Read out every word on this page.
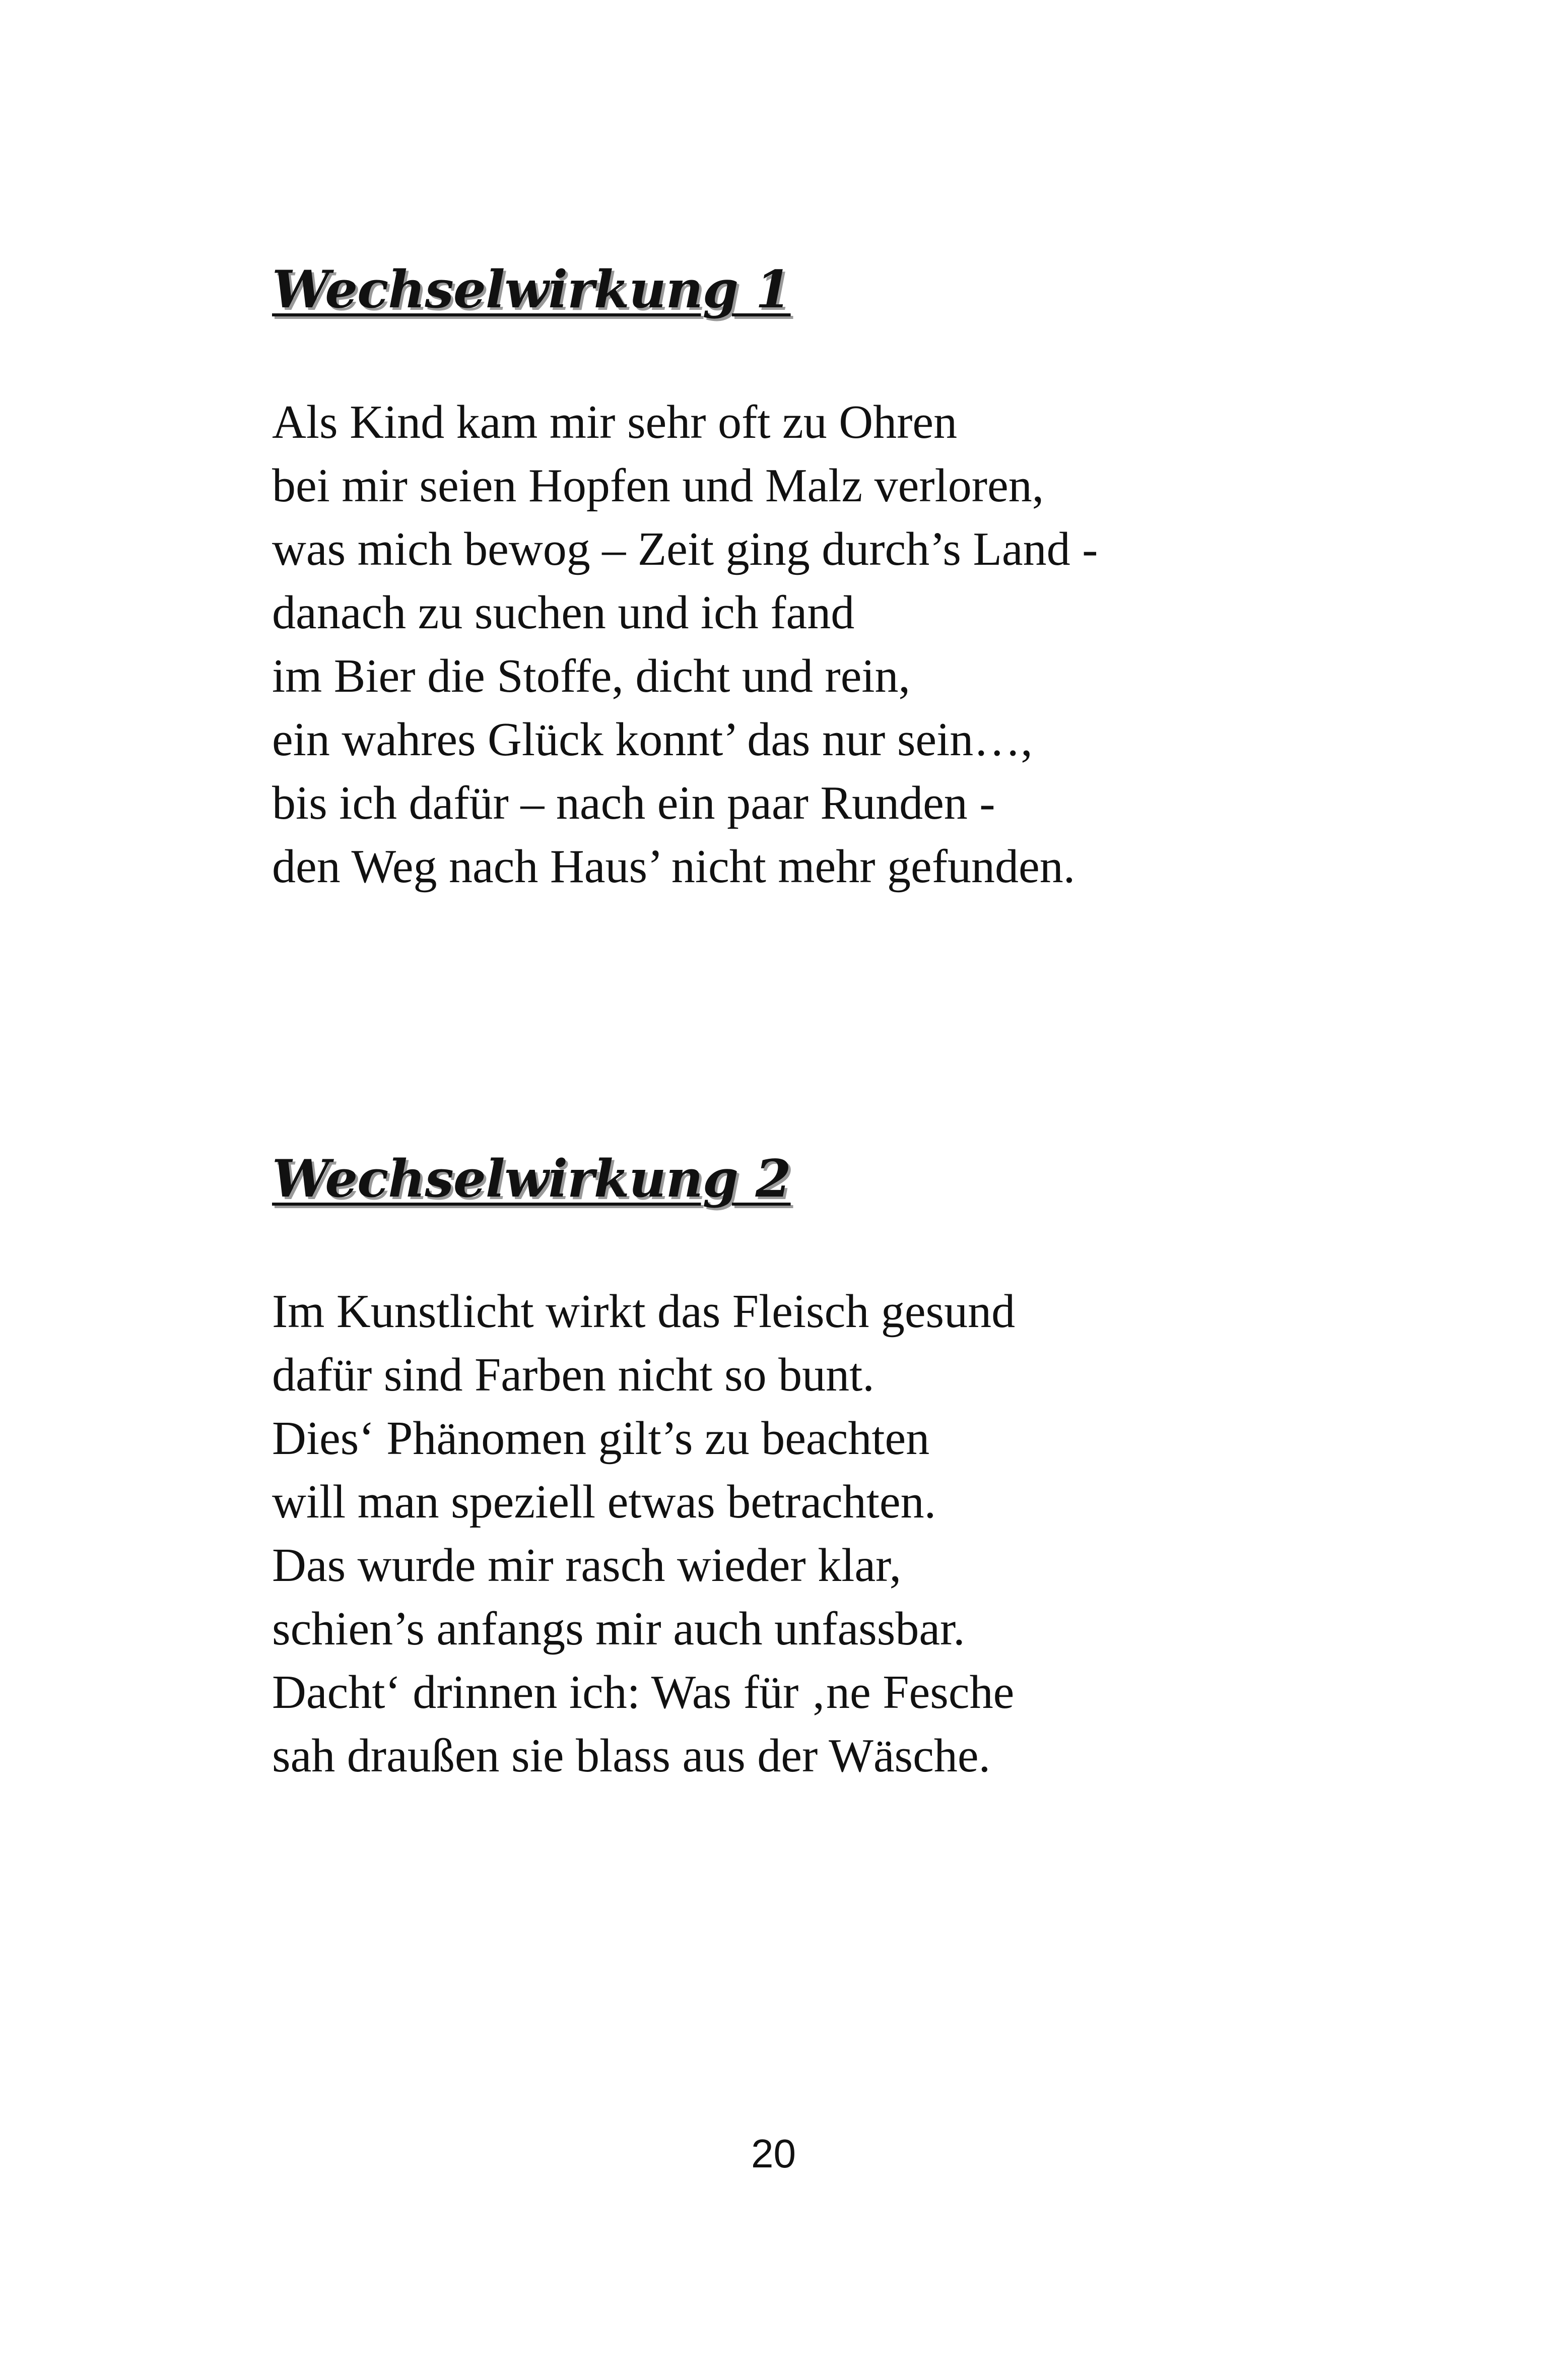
Wechselwirkung 1
Als Kind kam mir sehr oft zu Ohren
bei mir seien Hopfen und Malz verloren,
was mich bewog – Zeit ging durch’s Land -
danach zu suchen und ich fand
im Bier die Stoffe, dicht und rein,
ein wahres Glück konnt’ das nur sein…,
bis ich dafür – nach ein paar Runden -
den Weg nach Haus’ nicht mehr gefunden.
Wechselwirkung 2
Im Kunstlicht wirkt das Fleisch gesund
dafür sind Farben nicht so bunt.
Dies‘ Phänomen gilt’s zu beachten
will man speziell etwas betrachten.
Das wurde mir rasch wieder klar,
schien’s anfangs mir auch unfassbar.
Dacht‘ drinnen ich: Was für ‚ne Fesche
sah draußen sie blass aus der Wäsche.
20
